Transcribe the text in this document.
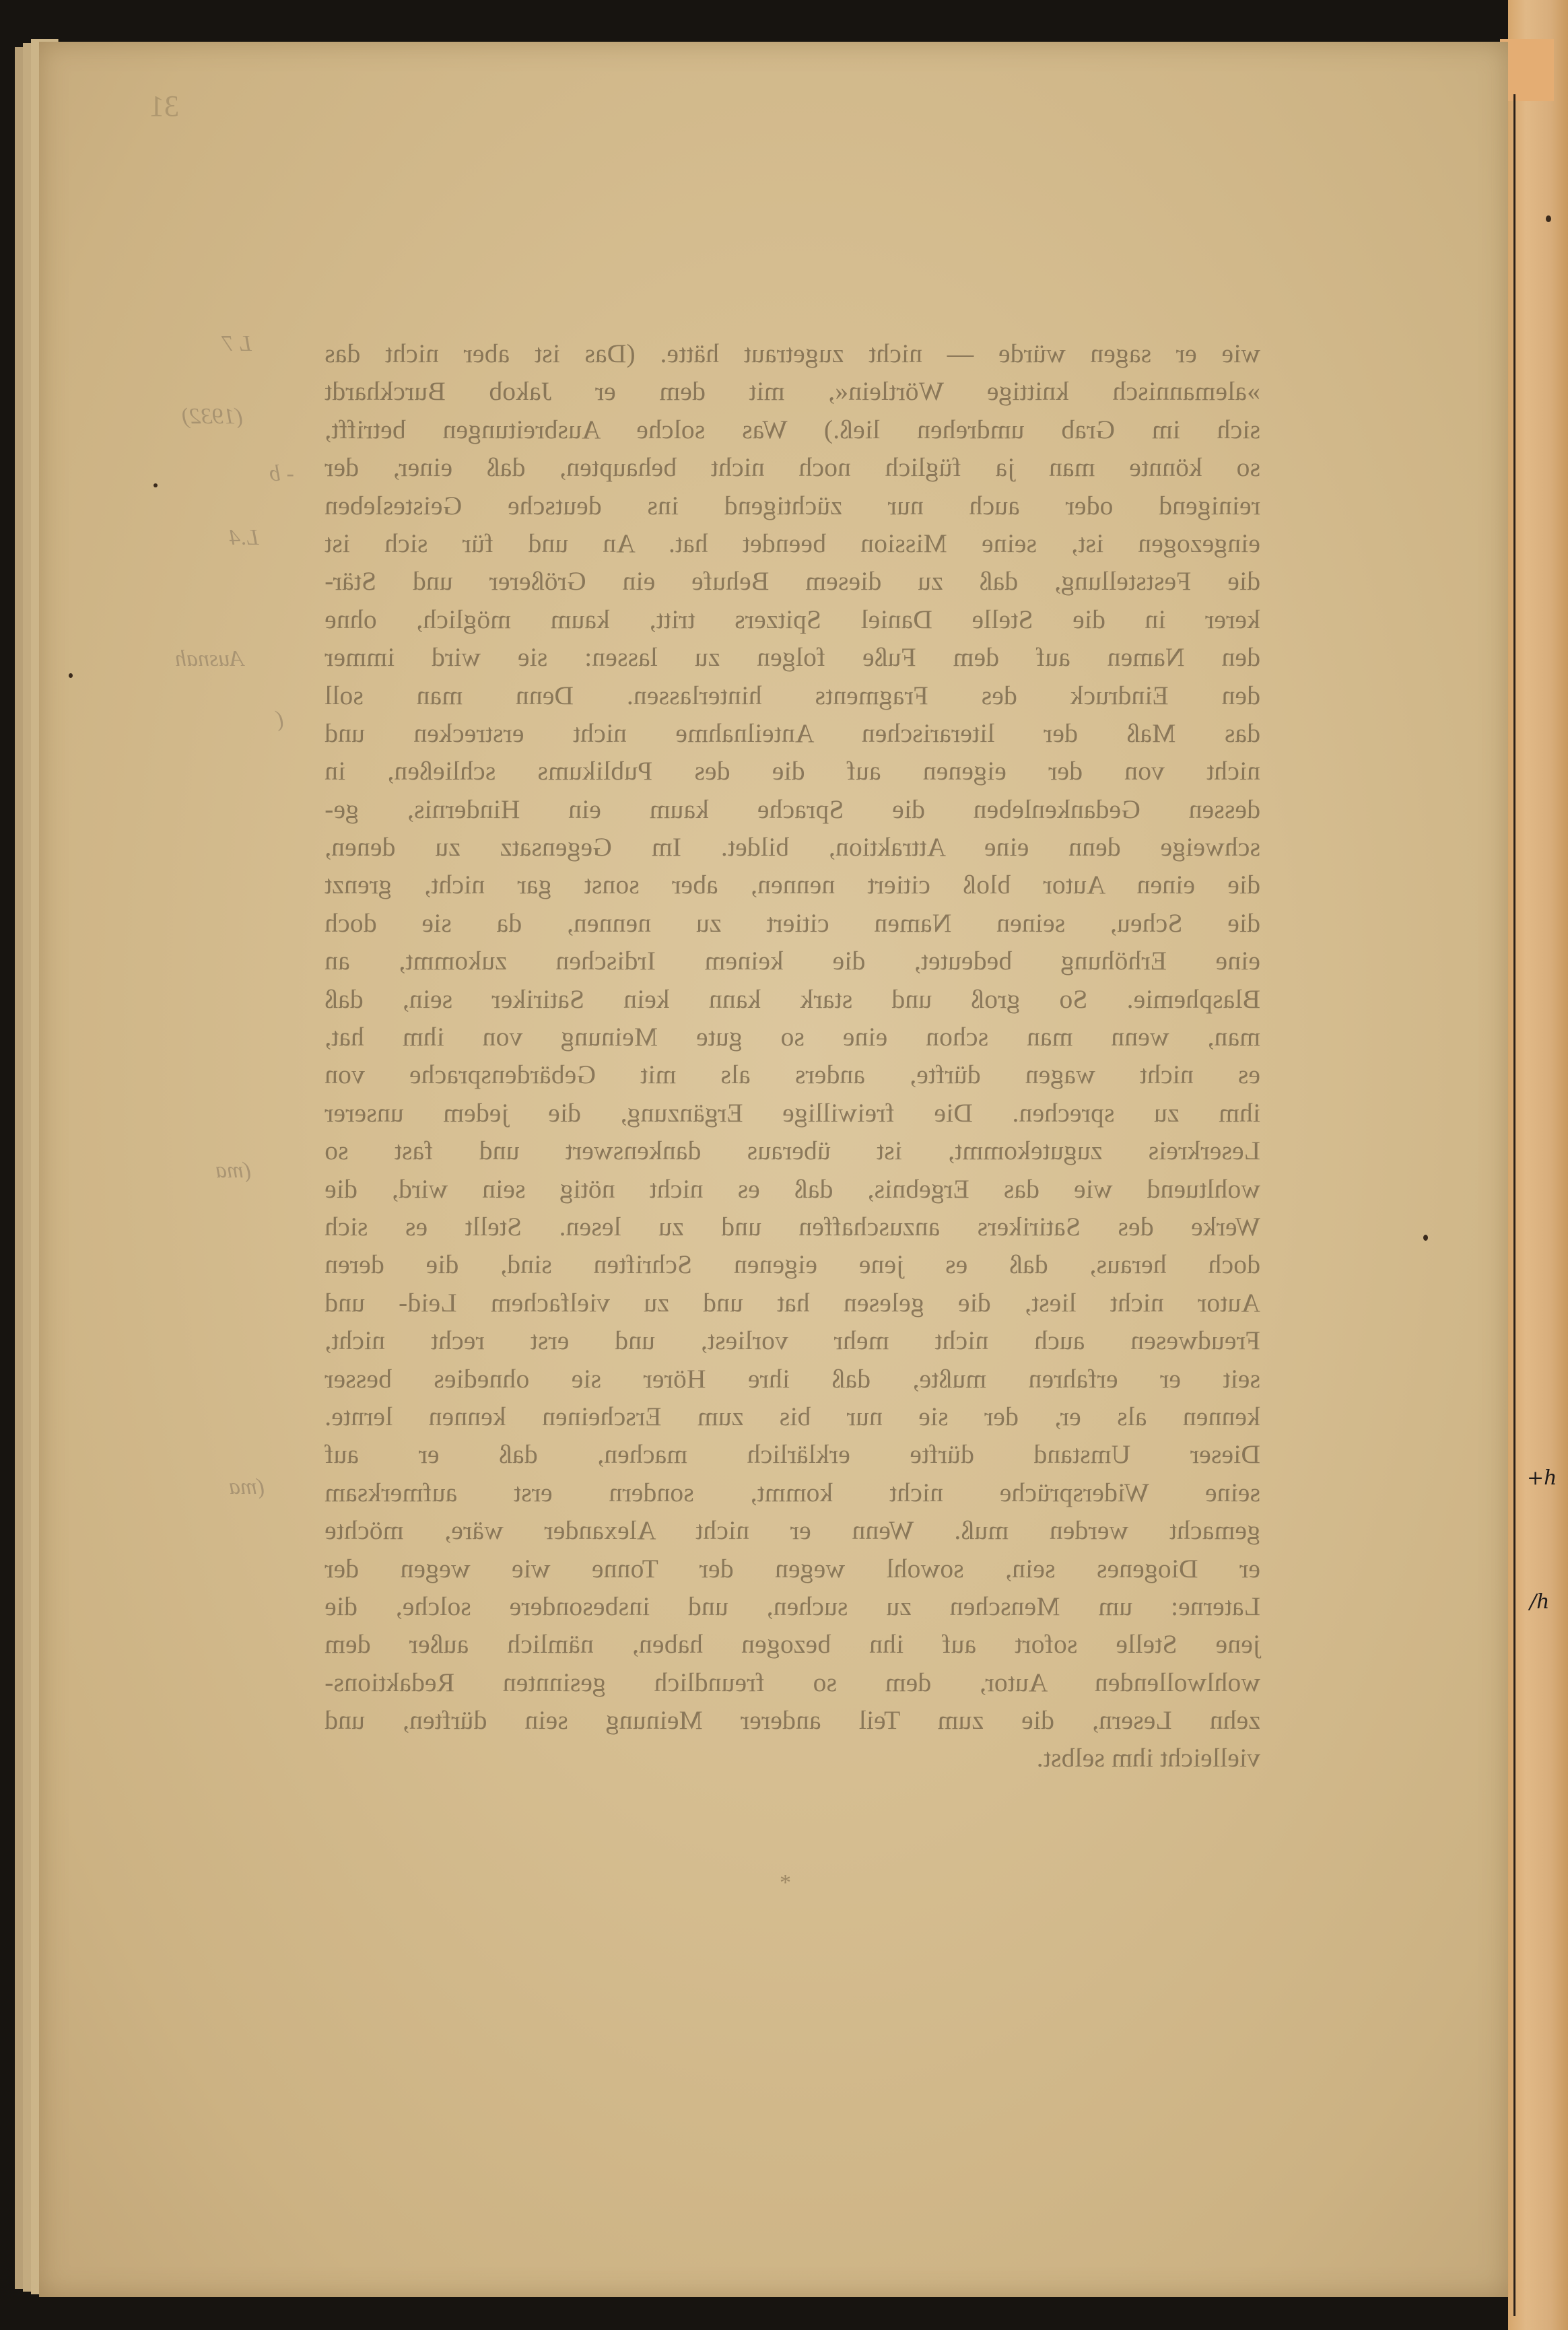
31
L 7
(1932)
- b
L.4
Ausnah
(
(ma
(ma
wie er sagen würde — nicht zugetraut hätte. (Das ist aber nicht das
»alemannisch knittige Wörtlein«, mit dem er Jakob Burckhardt
sich im Grab umdrehen ließ.) Was solche Ausbreitungen betrifft,
so könnte man ja füglich noch nicht behaupten, daß einer, der
reinigend oder auch nur züchtigend ins deutsche Geistesleben
eingezogen ist, seine Mission beendet hat. An und für sich ist
die Feststellung, daß zu diesem Behufe ein Größerer und Stär-
kerer in die Stelle Daniel Spitzers tritt, kaum möglich, ohne
den Namen auf dem Fuße folgen zu lassen: sie wird immer
den Eindruck des Fragments hinterlassen. Denn man soll
das Maß der literarischen Anteilnahme nicht erstrecken und
nicht von der eigenen auf die des Publikums schließen, in
dessen Gedankenleben die Sprache kaum ein Hindernis, ge-
schweige denn eine Attraktion, bildet. Im Gegensatz zu denen,
die einen Autor bloß citiert nennen, aber sonst gar nicht, grenzt
die Scheu, seinen Namen citiert zu nennen, da sie doch
eine Erhöhung bedeutet, die keinem Irdischen zukommt, an
Blasphemie. So groß und stark kann kein Satiriker sein, daß
man, wenn man schon eine so gute Meinung von ihm hat,
es nicht wagen dürfte, anders als mit Gebärdensprache von
ihm zu sprechen. Die freiwillige Ergänzung, die jedem unserer
Leserkreis zugutekommt, ist überaus dankenswert und fast so
wohltuend wie das Ergebnis, daß es nicht nötig sein wird, die
Werke des Satirikers anzuschaffen und zu lesen. Stellt es sich
doch heraus, daß es jene eigenen Schriften sind, die deren
Autor nicht liest, die gelesen hat und zu vielfachem Leid- und
Freudwesen auch nicht mehr vorliest, und erst recht nicht,
seit er erfahren mußte, daß ihre Hörer sie ohnedies besser
kennen als er, der sie nur bis zum Erscheinen kennen lernte.
Dieser Umstand dürfte erklärlich machen, daß er auf
seine Widersprüche nicht kommt, sondern erst aufmerksam
gemacht werden muß. Wenn er nicht Alexander wäre, möchte
er Diogenes sein, sowohl wegen der Tonne wie wegen der
Laterne: um Menschen zu suchen, und insbesondere solche, die
jene Stelle sofort auf ihn bezogen haben, nämlich außer dem
wohlwollenden Autor, dem so freundlich gesinnten Redaktions-
zehn Lesern, die zum Teil anderer Meinung sein dürften, und
vielleicht ihm selbst.
*
+h
/h
